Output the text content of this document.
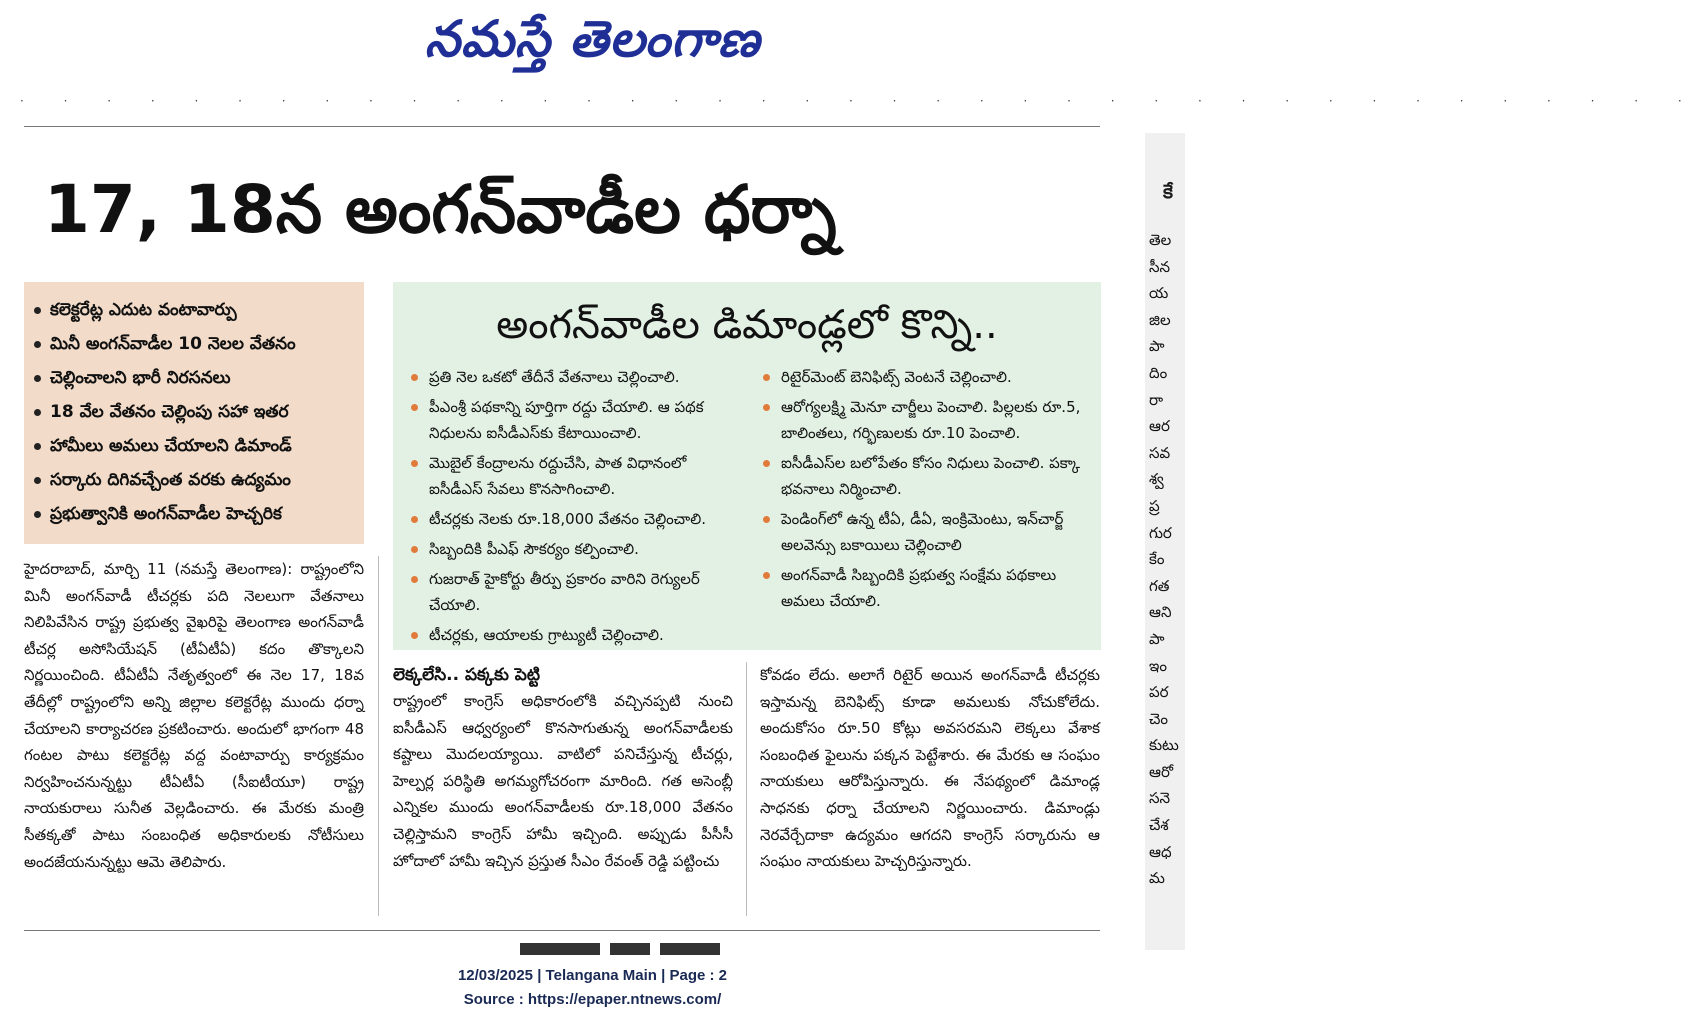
నమస్తే తెలంగాణ
· · · · · · · · · · · · · · · · · · · · · · · · · · · · · · · · · · · · · · ·
17, 18న అంగన్‌వాడీల ధర్నా

కలెక్టరేట్ల ఎదుట వంటావార్పు

మినీ అంగన్‌వాడీల 10 నెలల వేతనం

చెల్లించాలని భారీ నిరసనలు

18 వేల వేతనం చెల్లింపు సహా ఇతర

హామీలు అమలు చేయాలని డిమాండ్

సర్కారు దిగివచ్చేంత వరకు ఉద్యమం

ప్రభుత్వానికి అంగన్‌వాడీల హెచ్చరిక

అంగన్‌వాడీల డిమాండ్లలో కొన్ని..

ప్రతి నెల ఒకటో తేదీనే వేతనాలు చెల్లించాలి.

పీఎంశ్రీ పథకాన్ని పూర్తిగా రద్దు చేయాలి. ఆ పథక నిధులను ఐసీడీఎస్‌కు కేటాయించాలి.

మొబైల్ కేంద్రాలను రద్దుచేసి, పాత విధానంలో ఐసీడీఎస్ సేవలు కొనసాగించాలి.

టీచర్లకు నెలకు రూ.18,000 వేతనం చెల్లించాలి.

సిబ్బందికి పీఎఫ్ సౌకర్యం కల్పించాలి.

గుజరాత్ హైకోర్టు తీర్పు ప్రకారం వారిని రెగ్యులర్ చేయాలి.

టీచర్లకు, ఆయాలకు గ్రాట్యుటీ చెల్లించాలి.

రిటైర్‌మెంట్ బెనిఫిట్స్ వెంటనే చెల్లించాలి.

ఆరోగ్యలక్ష్మి మెనూ చార్జీలు పెంచాలి. పిల్లలకు రూ.5, బాలింతలు, గర్భిణులకు రూ.10 పెంచాలి.

ఐసీడీఎస్‌ల బలోపేతం కోసం నిధులు పెంచాలి. పక్కా భవనాలు నిర్మించాలి.

పెండింగ్‌లో ఉన్న టీఏ, డీఏ, ఇంక్రిమెంటు, ఇన్‌చార్జ్ అలవెన్సు బకాయిలు చెల్లించాలి

అంగన్‌వాడీ సిబ్బందికి ప్రభుత్వ సంక్షేమ పథకాలు అమలు చేయాలి.

హైదరాబాద్, మార్చి 11 (నమస్తే తెలంగాణ): రాష్ట్రంలోని మినీ అంగన్‌వాడీ టీచర్లకు పది నెలలుగా వేతనాలు నిలిపివేసిన రాష్ట్ర ప్రభుత్వ వైఖరిపై తెలంగాణ అంగన్‌వాడీ టీచర్ల అసోసియేషన్ (టీఏటీఏ) కదం తొక్కాలని నిర్ణయించింది. టీఏటీఏ నేతృత్వంలో ఈ నెల 17, 18వ తేదీల్లో రాష్ట్రంలోని అన్ని జిల్లాల కలెక్టరేట్ల ముందు ధర్నా చేయాలని కార్యాచరణ ప్రకటించారు. అందులో భాగంగా 48 గంటల పాటు కలెక్టరేట్ల వద్ద వంటావార్పు కార్యక్రమం నిర్వహించనున్నట్టు టీఏటీఏ (సీఐటీయూ) రాష్ట్ర నాయకురాలు సునీత వెల్లడించారు. ఈ మేరకు మంత్రి సీతక్కతో పాటు సంబంధిత అధికారులకు నోటీసులు అందజేయనున్నట్టు ఆమె తెలిపారు.
లెక్కలేసి.. పక్కకు పెట్టి
రాష్ట్రంలో కాంగ్రెస్ అధికారంలోకి వచ్చినప్పటి నుంచి ఐసీడీఎస్ ఆధ్వర్యంలో కొనసాగుతున్న అంగన్‌వాడీలకు కష్టాలు మొదలయ్యాయి. వాటిలో పనిచేస్తున్న టీచర్లు, హెల్పర్ల పరిస్థితి అగమ్యగోచరంగా మారింది. గత అసెంబ్లీ ఎన్నికల ముందు అంగన్‌వాడీలకు రూ.18,000 వేతనం చెల్లిస్తామని కాంగ్రెస్ హామీ ఇచ్చింది. అప్పుడు పీసీసీ హోదాలో హామీ ఇచ్చిన ప్రస్తుత సీఎం రేవంత్ రెడ్డి పట్టించు
కోవడం లేదు. అలాగే రిటైర్ అయిన అంగన్‌వాడీ టీచర్లకు ఇస్తామన్న బెనిఫిట్స్ కూడా అమలుకు నోచుకోలేదు. అందుకోసం రూ.50 కోట్లు అవసరమని లెక్కలు వేశాక సంబంధిత ఫైలును పక్కన పెట్టేశారు. ఈ మేరకు ఆ సంఘం నాయకులు ఆరోపిస్తున్నారు. ఈ నేపథ్యంలో డిమాండ్ల సాధనకు ధర్నా చేయాలని నిర్ణయించారు. డిమాండ్లు నెరవేర్చేదాకా ఉద్యమం ఆగదని కాంగ్రెస్ సర్కారును ఆ సంఘం నాయకులు హెచ్చరిస్తున్నారు.
కే
తెల
సీన
య
జిల
పా
దిం
రా
ఆర
సవ
శ్వ
ప్ర
గుర
కేం
గత
ఆని
పా
ఇం
పర
చెం
కుటు
ఆరో
సనె
చేశ
ఆధ
మ
12/03/2025 | Telangana Main | Page : 2
Source : https://epaper.ntnews.com/
